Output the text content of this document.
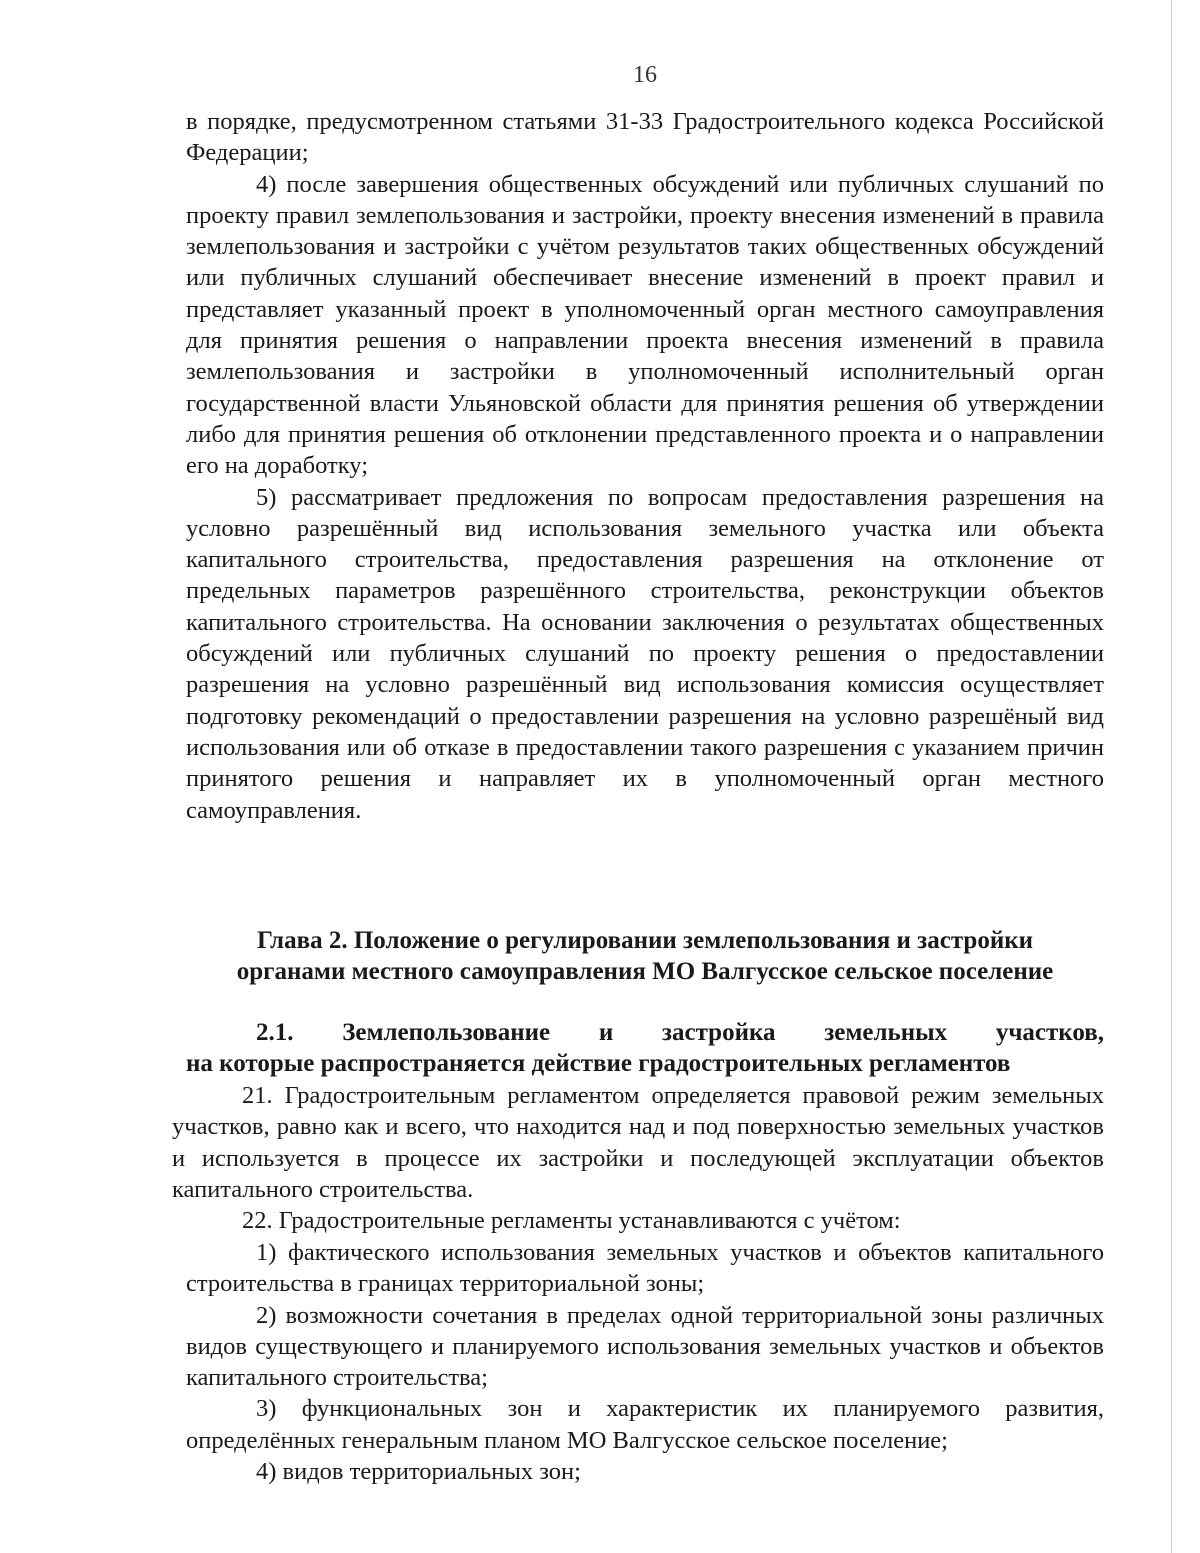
16

в порядке, предусмотренном статьями 31-33 Градостроительного кодекса Российской Федерации;

4) после завершения общественных обсуждений или публичных слушаний по проекту правил землепользования и застройки, проекту внесения изменений в правила землепользования и застройки с учётом результатов таких общественных обсуждений или публичных слушаний обеспечивает внесение изменений в проект правил и представляет указанный проект в уполномоченный орган местного самоуправления для принятия решения о направлении проекта внесения изменений в правила землепользования и застройки в уполномоченный исполнительный орган государственной власти Ульяновской области для принятия решения об утверждении либо для принятия решения об отклонении представленного проекта и о направлении его на доработку;

5) рассматривает предложения по вопросам предоставления разрешения на условно разрешённый вид использования земельного участка или объекта капитального строительства, предоставления разрешения на отклонение от предельных параметров разрешённого строительства, реконструкции объектов капитального строительства. На основании заключения о результатах общественных обсуждений или публичных слушаний по проекту решения о предоставлении разрешения на условно разрешённый вид использования комиссия осуществляет подготовку рекомендаций о предоставлении разрешения на условно разрешёный вид использования или об отказе в предоставлении такого разрешения с указанием причин принятого решения и направляет их в уполномоченный орган местного самоуправления.

Глава 2. Положение о регулировании землепользования и застройки
органами местного самоуправления МО Валгусское сельское поселение

2.1. Землепользование и застройка земельных участков,

на которые распространяется действие градостроительных регламентов

21. Градостроительным регламентом определяется правовой режим земельных участков, равно как и всего, что находится над и под поверхностью земельных участков и используется в процессе их застройки и последующей эксплуатации объектов капитального строительства.

22. Градостроительные регламенты устанавливаются с учётом:

1) фактического использования земельных участков и объектов капитального строительства в границах территориальной зоны;

2) возможности сочетания в пределах одной территориальной зоны различных видов существующего и планируемого использования земельных участков и объектов капитального строительства;

3) функциональных зон и характеристик их планируемого развития, определённых генеральным планом МО Валгусское сельское поселение;

4) видов территориальных зон;
